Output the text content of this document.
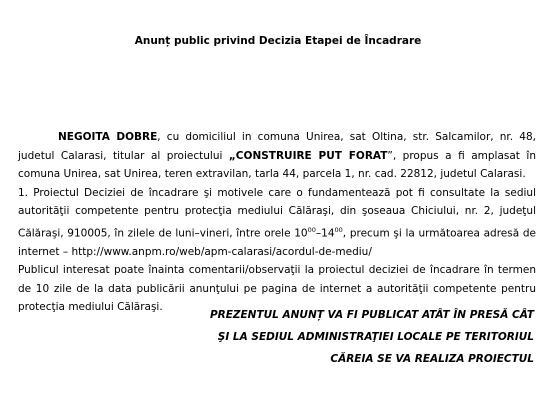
Anunț public privind Decizia Etapei de Încadrare

NEGOITA DOBRE, cu domiciliul in comuna Unirea, sat Oltina, str. Salcamilor, nr. 48, judetul Calarasi, titular al proiectului „CONSTRUIRE PUT FORAT”, propus a fi amplasat în comuna Unirea, sat Unirea, teren extravilan, tarla 44, parcela 1, nr. cad. 22812, judetul Calarasi.

1. Proiectul Deciziei de încadrare şi motivele care o fundamentează pot fi consultate la sediul autorităţii competente pentru protecţia mediului Călăraşi, din şoseaua Chiciului, nr. 2, judeţul Călăraşi, 910005, în zilele de luni–vineri, între orele $10^{00}-14^{00}$, precum şi la următoarea adresă de internet – http://www.anpm.ro/web/apm-calarasi/acordul-de-mediu/

Publicul interesat poate înainta comentarii/observaţii la proiectul deciziei de încadrare în termen de 10 zile de la data publicării anunţului pe pagina de internet a autorităţii competente pentru protecţia mediului Călăraşi.

PREZENTUL ANUNȚ VA FI PUBLICAT ATÂT ÎN PRESĂ CÂT
ŞI LA SEDIUL ADMINISTRAŢIEI LOCALE PE TERITORIUL
CĂREIA SE VA REALIZA PROIECTUL
